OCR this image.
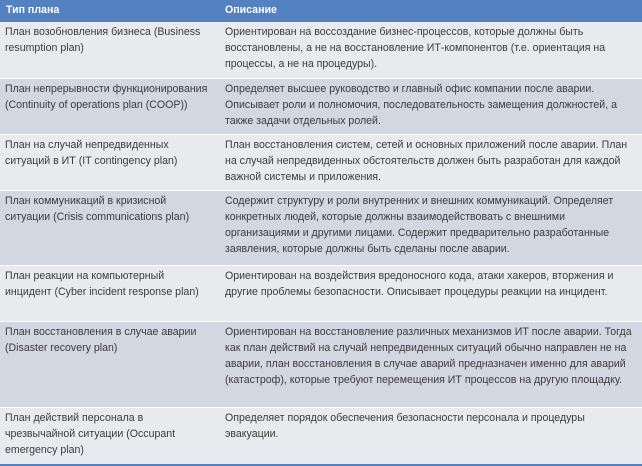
Тип плана	Описание
План возобновления бизнеса (Business resumption plan)	Ориентирован на воссоздание бизнес-процессов, которые должны быть восстановлены, а не на восстановление ИТ-компонентов (т.е. ориентация на процессы, а не на процедуры).
План непрерывности функционирования (Continuity of operations plan (COOP))	Определяет высшее руководство и главный офис компании после аварии. Описывает роли и полномочия, последовательность замещения должностей, а также задачи отдельных ролей.
План на случай непредвиденных ситуаций в ИТ (IT contingency plan)	План восстановления систем, сетей и основных приложений после аварии. План на случай непредвиденных обстоятельств должен быть разработан для каждой важной системы и приложения.
План коммуникаций в кризисной ситуации (Crisis communications plan)	Содержит структуру и роли внутренних и внешних коммуникаций. Определяет конкретных людей, которые должны взаимодействовать с внешними организациями и другими лицами. Содержит предварительно разработанные заявления, которые должны быть сделаны после аварии.
План реакции на компьютерный инцидент (Cyber incident response plan)	Ориентирован на воздействия вредоносного кода, атаки хакеров, вторжения и другие проблемы безопасности. Описывает процедуры реакции на инцидент.
План восстановления в случае аварии (Disaster recovery plan)	Ориентирован на восстановление различных механизмов ИТ после аварии. Тогда как план действий на случай непредвиденных ситуаций обычно направлен не на аварии, план восстановления в случае аварий предназначен именно для аварий (катастроф), которые требуют перемещения ИТ процессов на другую площадку.
План действий персонала в чрезвычайной ситуации (Occupant emergency plan)	Определяет порядок обеспечения безопасности персонала и процедуры эвакуации.
